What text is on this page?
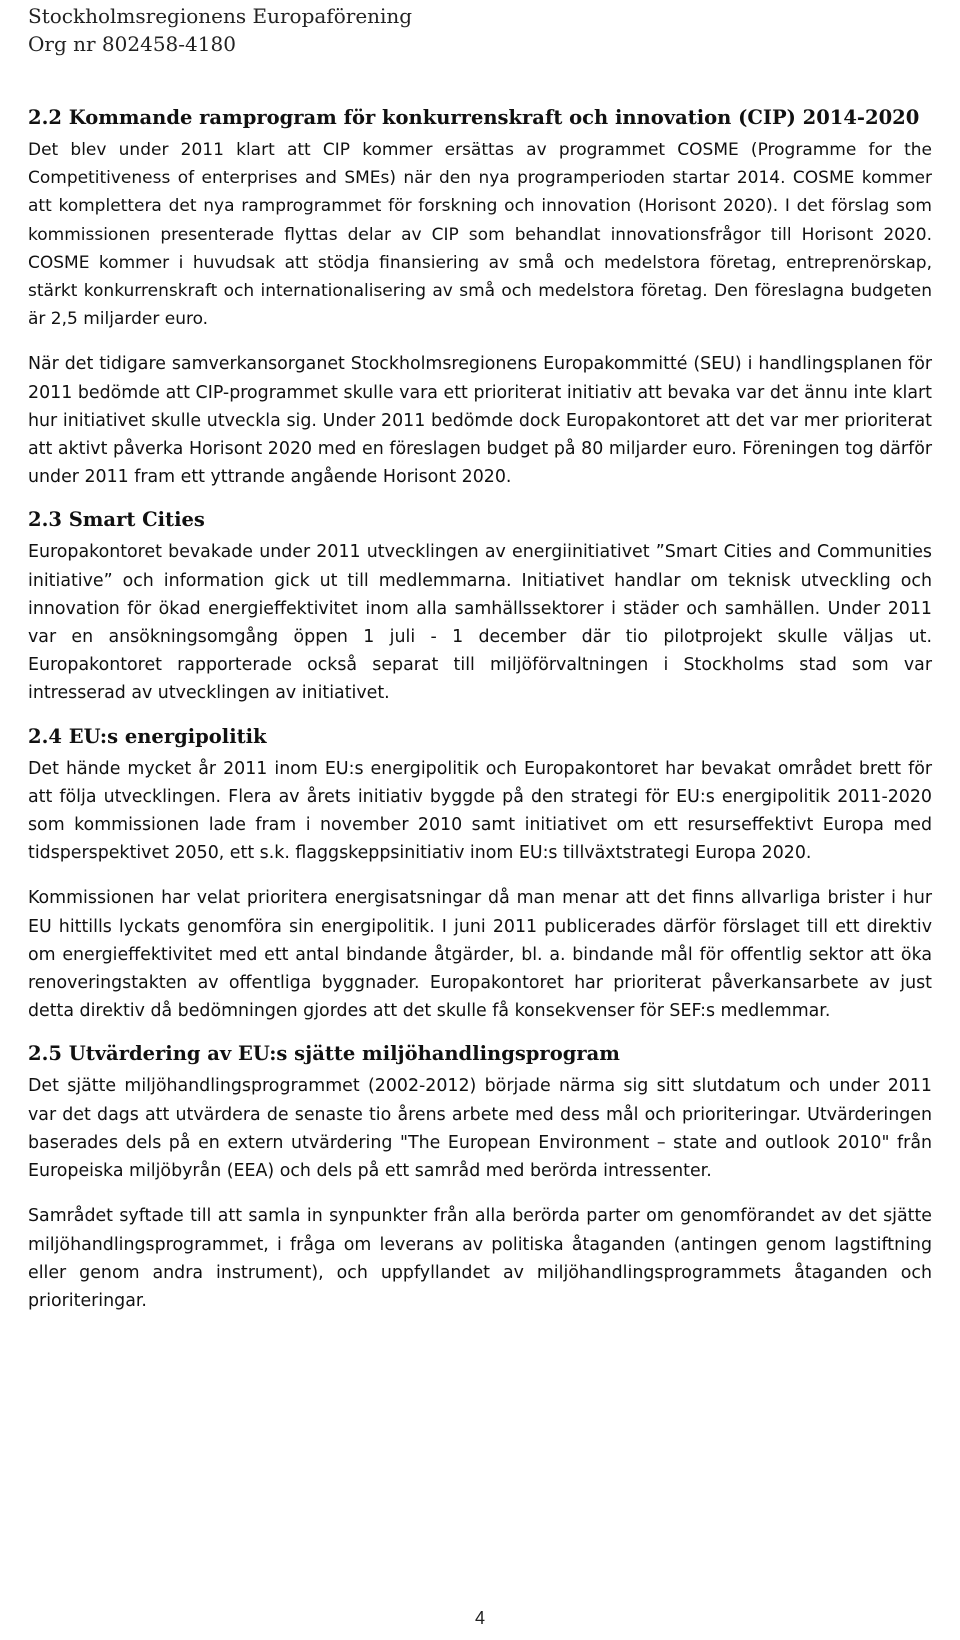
Stockholmsregionens Europaförening
Org nr 802458-4180
2.2 Kommande ramprogram för konkurrenskraft och innovation (CIP) 2014-2020

Det blev under 2011 klart att CIP kommer ersättas av programmet COSME (Programme for the Competitiveness of enterprises and SMEs) när den nya programperioden startar 2014. COSME kommer att komplettera det nya ramprogrammet för forskning och innovation (Horisont 2020). I det förslag som kommissionen presenterade flyttas delar av CIP som behandlat innovationsfrågor till Horisont 2020. COSME kommer i huvudsak att stödja finansiering av små och medelstora företag, entreprenörskap, stärkt konkurrenskraft och internationalisering av små och medelstora företag. Den föreslagna budgeten är 2,5 miljarder euro.

När det tidigare samverkansorganet Stockholmsregionens Europakommitté (SEU) i handlingsplanen för 2011 bedömde att CIP-programmet skulle vara ett prioriterat initiativ att bevaka var det ännu inte klart hur initiativet skulle utveckla sig. Under 2011 bedömde dock Europakontoret att det var mer prioriterat att aktivt påverka Horisont 2020 med en föreslagen budget på 80 miljarder euro. Föreningen tog därför under 2011 fram ett yttrande angående Horisont 2020.

2.3 Smart Cities

Europakontoret bevakade under 2011 utvecklingen av energiinitiativet ”Smart Cities and Communities initiative” och information gick ut till medlemmarna. Initiativet handlar om teknisk utveckling och innovation för ökad energieffektivitet inom alla samhällssektorer i städer och samhällen. Under 2011 var en ansökningsomgång öppen 1 juli - 1 december där tio pilotprojekt skulle väljas ut. Europakontoret rapporterade också separat till miljöförvaltningen i Stockholms stad som var intresserad av utvecklingen av initiativet.

2.4 EU:s energipolitik

Det hände mycket år 2011 inom EU:s energipolitik och Europakontoret har bevakat området brett för att följa utvecklingen. Flera av årets initiativ byggde på den strategi för EU:s energipolitik 2011-2020 som kommissionen lade fram i november 2010 samt initiativet om ett resurseffektivt Europa med tidsperspektivet 2050, ett s.k. flaggskeppsinitiativ inom EU:s tillväxtstrategi Europa 2020.

Kommissionen har velat prioritera energisatsningar då man menar att det finns allvarliga brister i hur EU hittills lyckats genomföra sin energipolitik. I juni 2011 publicerades därför förslaget till ett direktiv om energieffektivitet med ett antal bindande åtgärder, bl. a. bindande mål för offentlig sektor att öka renoveringstakten av offentliga byggnader. Europakontoret har prioriterat påverkansarbete av just detta direktiv då bedömningen gjordes att det skulle få konsekvenser för SEF:s medlemmar.

2.5 Utvärdering av EU:s sjätte miljöhandlingsprogram

Det sjätte miljöhandlingsprogrammet (2002-2012) började närma sig sitt slutdatum och under 2011 var det dags att utvärdera de senaste tio årens arbete med dess mål och prioriteringar. Utvärderingen baserades dels på en extern utvärdering "The European Environment – state and outlook 2010" från Europeiska miljöbyrån (EEA) och dels på ett samråd med berörda intressenter.

Samrådet syftade till att samla in synpunkter från alla berörda parter om genomförandet av det sjätte miljöhandlingsprogrammet, i fråga om leverans av politiska åtaganden (antingen genom lagstiftning eller genom andra instrument), och uppfyllandet av miljöhandlingsprogrammets åtaganden och prioriteringar.

4
